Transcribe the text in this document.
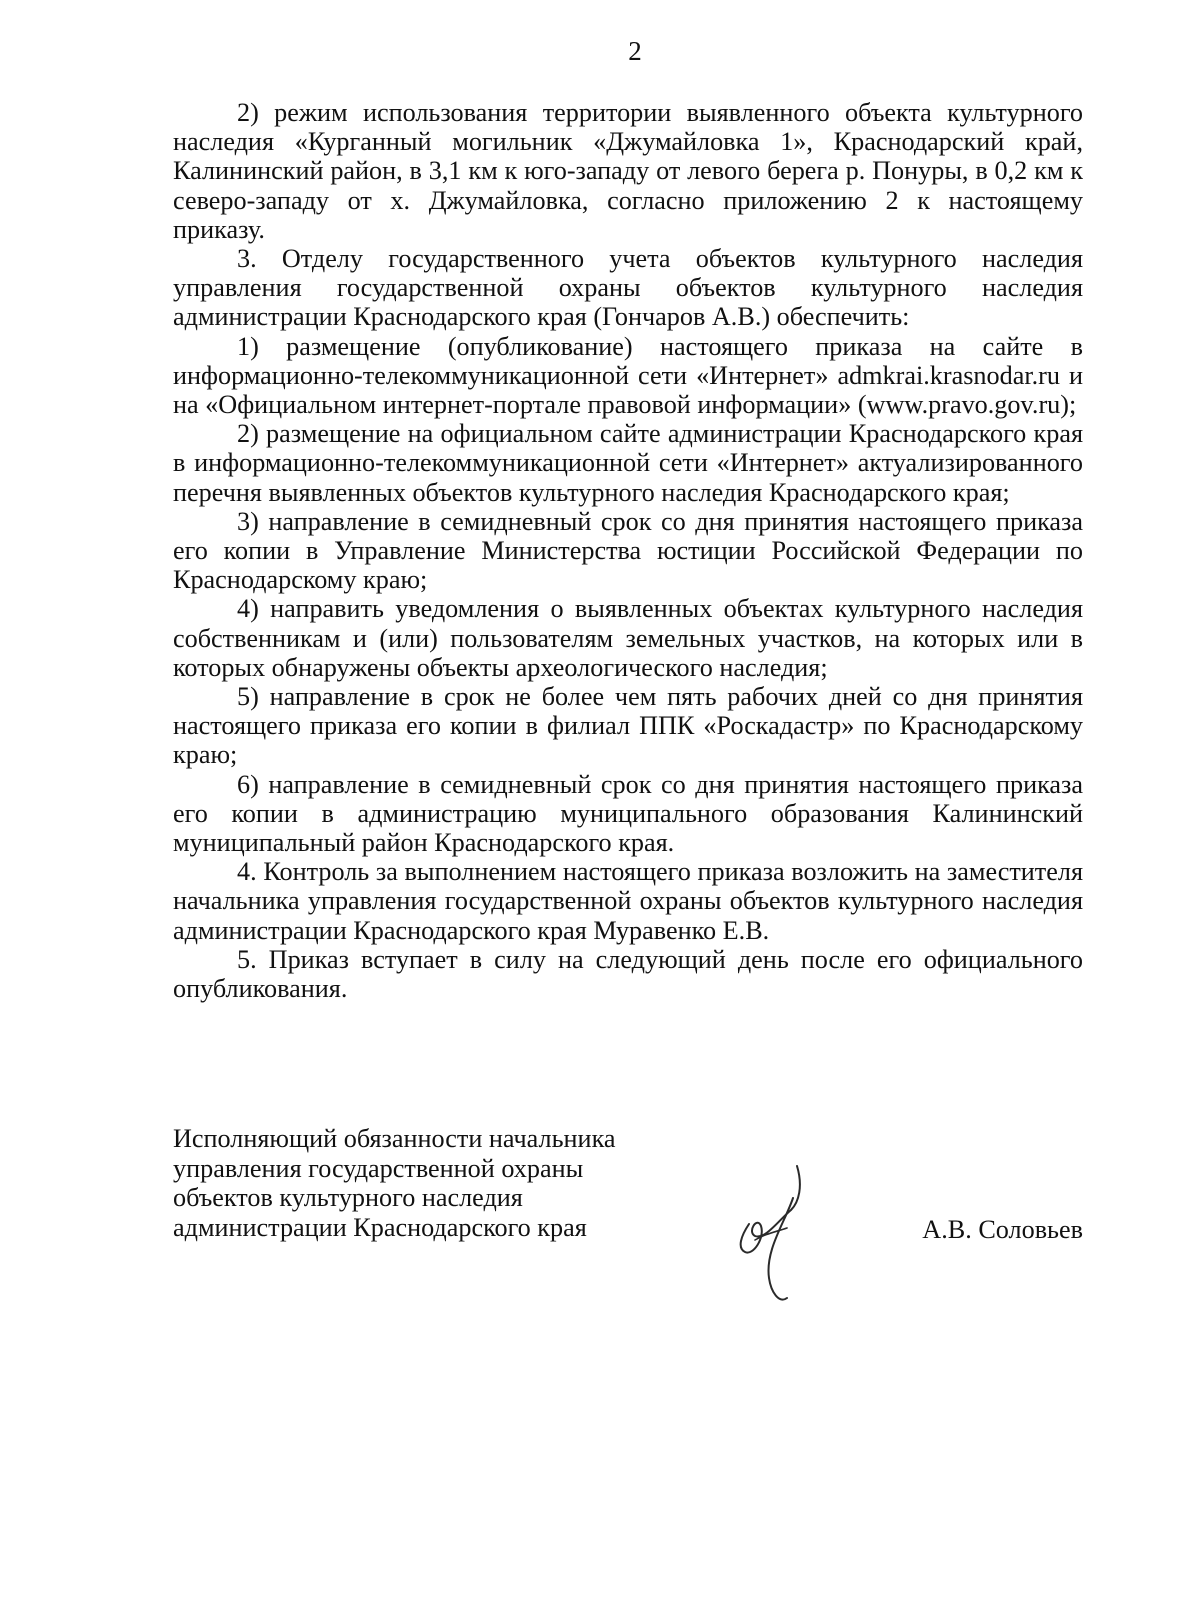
2

2) режим использования территории выявленного объекта культурного наследия «Курганный могильник «Джумайловка 1», Краснодарский край, Калининский район, в 3,1 км к юго-западу от левого берега р. Понуры, в 0,2 км к северо-западу от х. Джумайловка, согласно приложению 2 к настоящему приказу.

3. Отделу государственного учета объектов культурного наследия управления государственной охраны объектов культурного наследия администрации Краснодарского края (Гончаров А.В.) обеспечить:

1) размещение (опубликование) настоящего приказа на сайте в информационно-телекоммуникационной сети «Интернет» admkrai.krasnodar.ru и на «Официальном интернет-портале правовой информации» (www.pravo.gov.ru);

2) размещение на официальном сайте администрации Краснодарского края в информационно-телекоммуникационной сети «Интернет» актуализированного перечня выявленных объектов культурного наследия Краснодарского края;

3) направление в семидневный срок со дня принятия настоящего приказа его копии в Управление Министерства юстиции Российской Федерации по Краснодарскому краю;

4) направить уведомления о выявленных объектах культурного наследия собственникам и (или) пользователям земельных участков, на которых или в которых обнаружены объекты археологического наследия;

5) направление в срок не более чем пять рабочих дней со дня принятия настоящего приказа его копии в филиал ППК «Роскадастр» по Краснодарскому краю;

6) направление в семидневный срок со дня принятия настоящего приказа его копии в администрацию муниципального образования Калининский муниципальный район Краснодарского края.

4. Контроль за выполнением настоящего приказа возложить на заместителя начальника управления государственной охраны объектов культурного наследия администрации Краснодарского края Муравенко Е.В.

5. Приказ вступает в силу на следующий день после его официального опубликования.

Исполняющий обязанности начальника
управления государственной охраны
объектов культурного наследия
администрации Краснодарского края	А.В. Соловьев
